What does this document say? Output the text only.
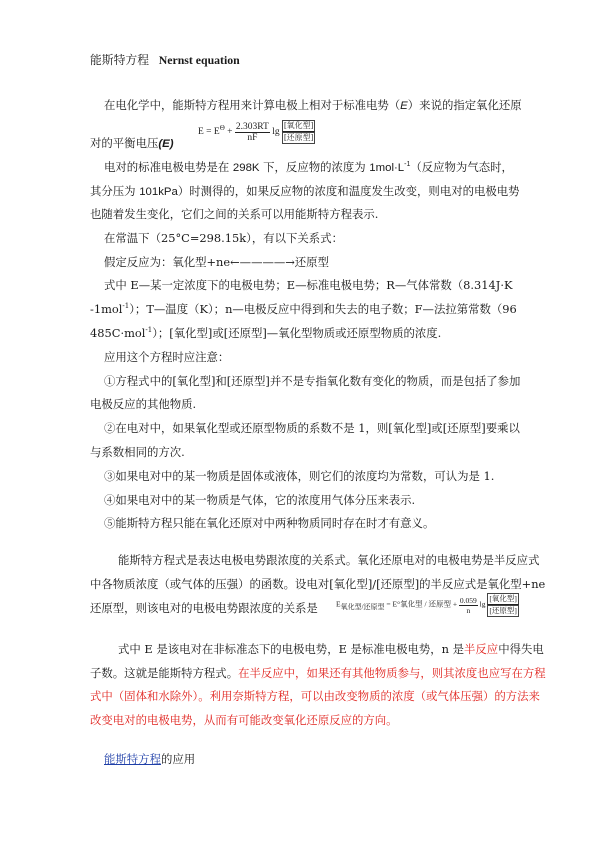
能斯特方程 Nernst equation
在电化学中，能斯特方程用来计算电极上相对于标准电势（E）来说的指定氧化还原
$E = E^\Theta + \frac{2.303RT}{nF}$ $\lg \frac{\text{[氧化型]}}{\text{[还原型]}}$
对的平衡电压(E)
电对的标准电极电势是在 298K 下，反应物的浓度为 $1mol\cdot L^{-1}$（反应物为气态时，
其分压为 101kPa）时测得的，如果反应物的浓度和温度发生改变，则电对的电极电势
也随着发生变化，它们之间的关系可以用能斯特方程表示.
在常温下（25°C=298.15k），有以下关系式：
假定反应为：氧化型+ne←————→还原型
式中 E—某一定浓度下的电极电势；E—标准电极电势；R—气体常数（8.314J·K
-1mol$^{-1}$）；T—温度（K）；n—电极反应中得到和失去的电子数；F—法拉第常数（96
485C·mol$^{-1}$）；[氧化型]或[还原型]—氧化型物质或还原型物质的浓度.
应用这个方程时应注意：
①方程式中的[氧化型]和[还原型]并不是专指氧化数有变化的物质，而是包括了参加
电极反应的其他物质.
②在电对中，如果氧化型或还原型物质的系数不是 1，则[氧化型]或[还原型]要乘以
与系数相同的方次.
③如果电对中的某一物质是固体或液体，则它们的浓度均为常数，可认为是 1.
④如果电对中的某一物质是气体，它的浓度用气体分压来表示.
⑤能斯特方程只能在氧化还原对中两种物质同时存在时才有意义。
能斯特方程式是表达电极电势跟浓度的关系式。氧化还原电对的电极电势是半反应式
中各物质浓度（或气体的压强）的函数。设电对[氧化型]/[还原型]的半反应式是氧化型+ne
还原型，则该电对的电极电势跟浓度的关系是	$E_{氧化型/还原型} = E^\circ$氧化型 / 还原型 + $\frac{0.059}{n}$ $\lg \frac{\text{[氧化型]}}{\text{[还原型]}}$
式中 E 是该电对在非标准态下的电极电势，E 是标准电极电势，n 是半反应中得失电
子数。这就是能斯特方程式。在半反应中，如果还有其他物质参与，则其浓度也应写在方程
式中（固体和水除外）。利用奈斯特方程，可以由改变物质的浓度（或气体压强）的方法来
改变电对的电极电势，从而有可能改变氧化还原反应的方向。
能斯特方程的应用
